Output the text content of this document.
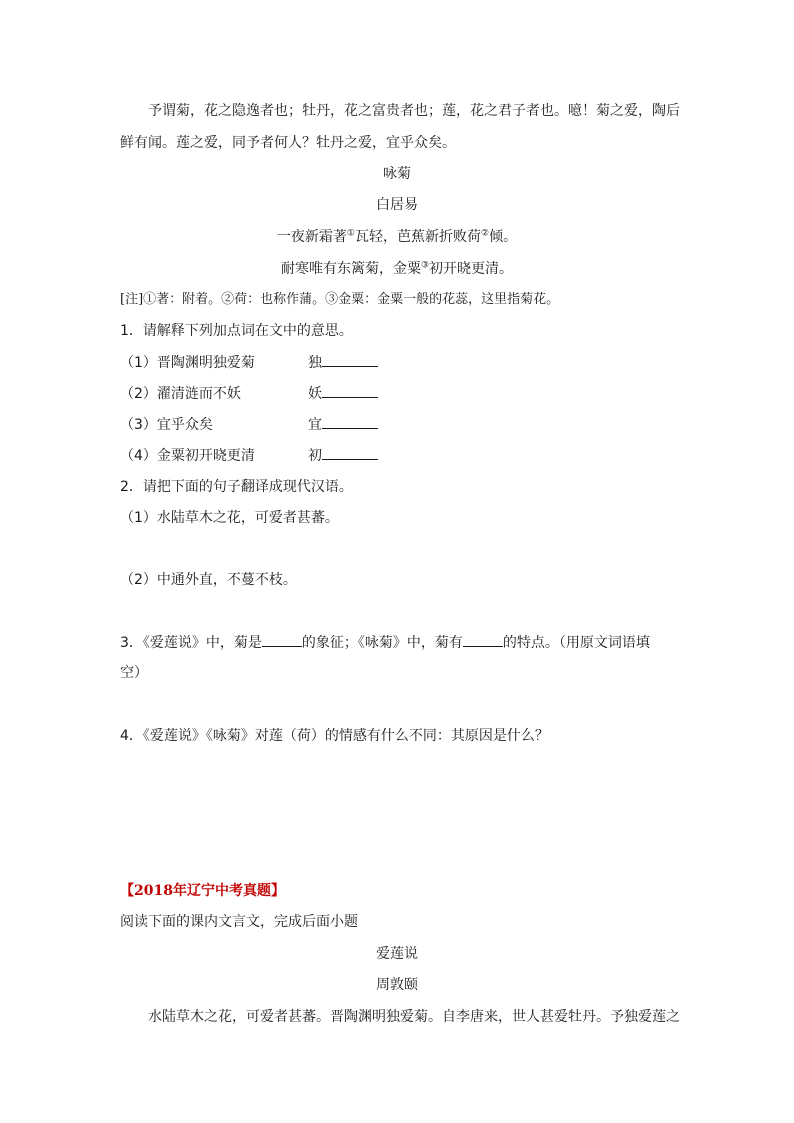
予谓菊，花之隐逸者也；牡丹，花之富贵者也；莲，花之君子者也。噫！菊之爱，陶后
鲜有闻。莲之爱，同予者何人？牡丹之爱，宜乎众矣。
咏菊
白居易
一夜新霜著①瓦轻，芭蕉新折败荷②倾。
耐寒唯有东篱菊，金粟③初开晓更清。
[注]①著：附着。②荷：也称作蒲。③金粟：金粟一般的花蕊，这里指菊花。
1．请解释下列加点词在文中的意思。
（1）晋陶渊明独爱菊	独
（2）濯清涟而不妖	妖
（3）宜乎众矣	宜
（4）金粟初开晓更清	初
2．请把下面的句子翻译成现代汉语。
（1）水陆草木之花，可爱者甚蕃。
（2）中通外直，不蔓不枝。
3．《爱莲说》中，菊是	的象征；《咏菊》中，菊有	的特点。（用原文词语填
空）
4．《爱莲说》《咏菊》对莲（荷）的情感有什么不同：其原因是什么？
【2018年辽宁中考真题】
阅读下面的课内文言文，完成后面小题
爱莲说
周敦颐
水陆草木之花，可爱者甚蕃。晋陶渊明独爱菊。自李唐来，世人甚爱牡丹。予独爱莲之
